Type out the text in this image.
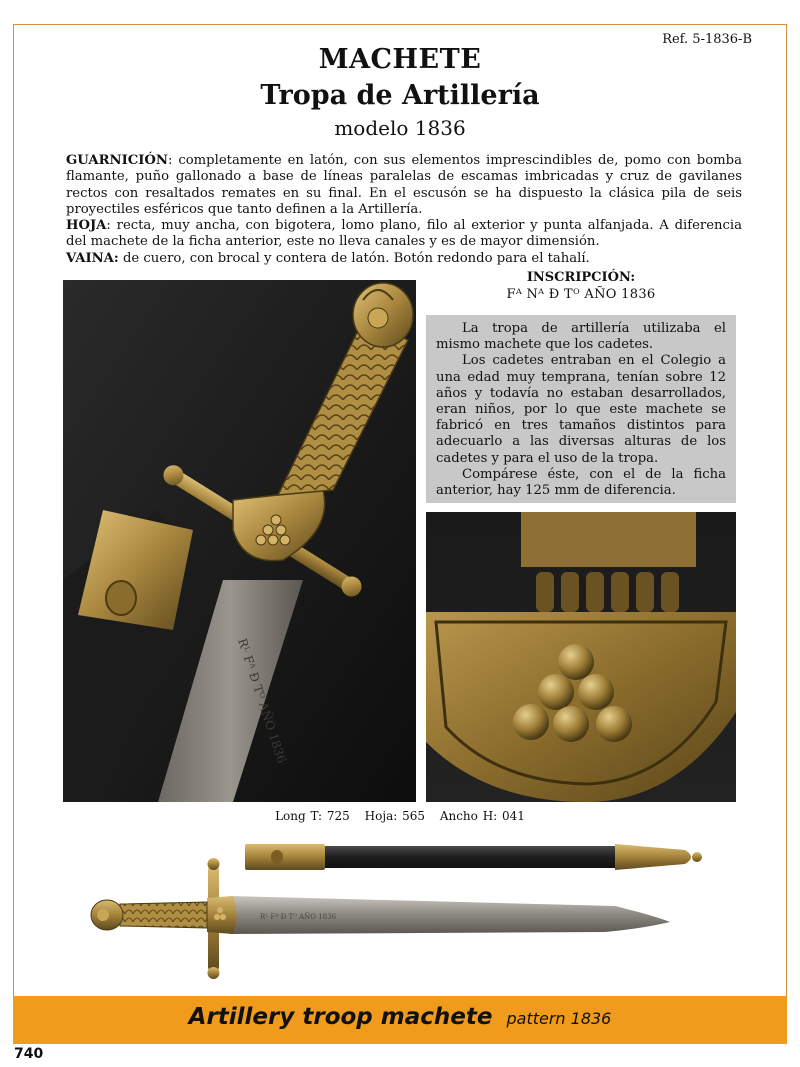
Ref. 5-1836-B
MACHETE
Tropa de Artillería
modelo 1836

GUARNICIÓN: completamente en latón, con sus elementos imprescindibles de, pomo con bomba flamante, puño gallonado a base de líneas paralelas de escamas imbricadas y cruz de gavilanes rectos con resaltados remates en su final. En el escusón se ha dispuesto la clásica pila de seis proyectiles esféricos que tanto definen a la Artillería.

HOJA: recta, muy ancha, con bigotera, lomo plano, filo al exterior y punta alfanjada. A diferencia del machete de la ficha anterior, este no lleva canales y es de mayor dimensión.

VAINA: de cuero, con brocal y contera de latón. Botón redondo para el tahalí.

INSCRIPCIÓN:
Fᴬ Nᴬ Đ Tᴼ AÑO 1836

La tropa de artillería utilizaba el mismo machete que los cadetes.

Los cadetes entraban en el Colegio a una edad muy temprana, tenían sobre 12 años y todavía no estaban desarrollados, eran niños, por lo que este machete se fabricó en tres tamaños distintos para adecuarlo a las diversas alturas de los cadetes y para el uso de la tropa.

Compárese éste, con el de la ficha anterior, hay 125 mm de diferencia.

Rᴸ Fᴬ Đ Tᴼ AÑO 1836
Long T: 725 Hoja: 565 Ancho H: 041
Rᴸ Fᴬ Đ Tᴼ AÑO 1836
Artillery troop machete pattern 1836
740
